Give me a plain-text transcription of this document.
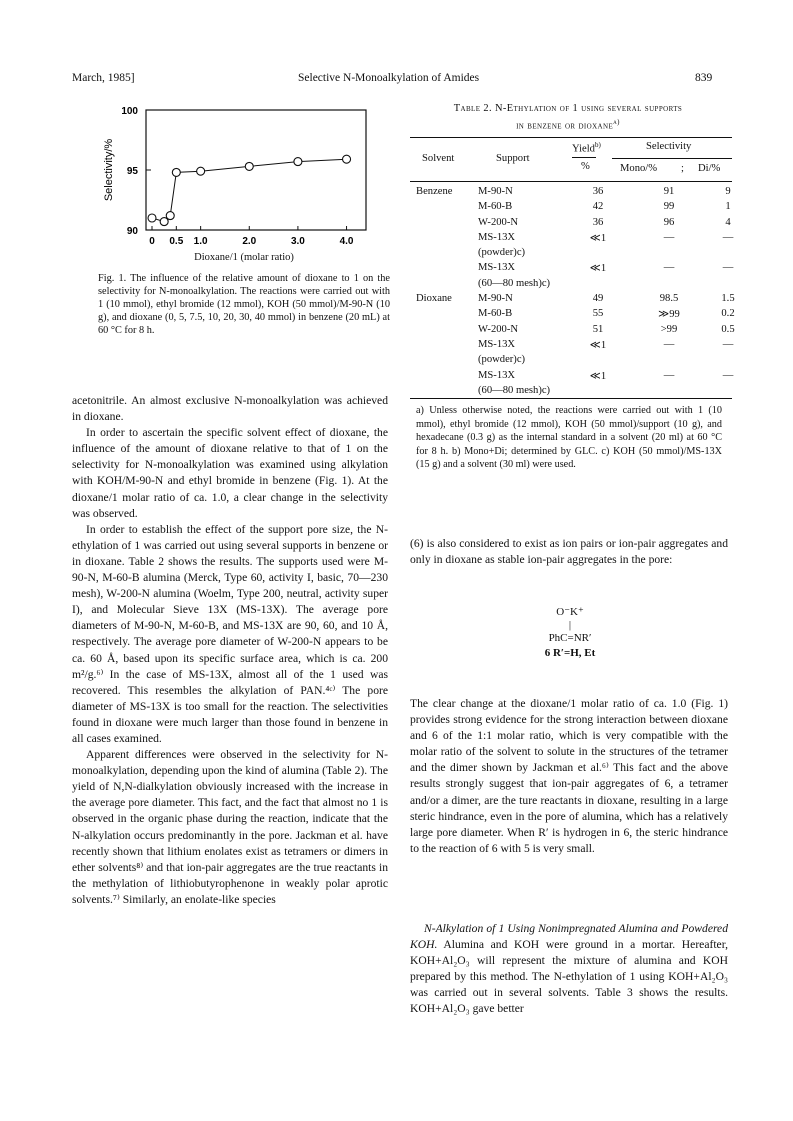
March, 1985]	Selective N-Monoalkylation of Amides	839
90
95
100
0 0.5 1.0	2.0	3.0	4.0
Selectivity/%
Dioxane/1 (molar ratio)
Fig. 1. The influence of the relative amount of dioxane to 1 on the selectivity for N-monoalkylation. The reactions were carried out with 1 (10 mmol), ethyl bromide (12 mmol), KOH (50 mmol)/M-90-N (10 g), and dioxane (0, 5, 7.5, 10, 20, 30, 40 mmol) in benzene (20 mL) at 60 °C for 8 h.

acetonitrile. An almost exclusive N-monoalkylation was achieved in dioxane.

In order to ascertain the specific solvent effect of dioxane, the influence of the amount of dioxane relative to that of 1 on the selectivity for N-monoalkylation was examined using alkylation with KOH/M-90-N and ethyl bromide in benzene (Fig. 1). At the dioxane/1 molar ratio of ca. 1.0, a clear change in the selectivity was observed.

In order to establish the effect of the support pore size, the N-ethylation of 1 was carried out using several supports in benzene or in dioxane. Table 2 shows the results. The supports used were M-90-N, M-60-B alumina (Merck, Type 60, activity I, basic, 70—230 mesh), W-200-N alumina (Woelm, Type 200, neutral, activity super I), and Molecular Sieve 13X (MS-13X). The average pore diameters of M-90-N, M-60-B, and MS-13X are 90, 60, and 10 Å, respectively. The average pore diameter of W-200-N appears to be ca. 60 Å, based upon its specific surface area, which is ca. 200 m²/g.⁶⁾ In the case of MS-13X, almost all of the 1 used was recovered. This resembles the alkylation of PAN.⁴ᶜ⁾ The pore diameter of MS-13X is too small for the reaction. The selectivities found in dioxane were much larger than those found in benzene in all cases examined.

Apparent differences were observed in the selectivity for N-monoalkylation, depending upon the kind of alumina (Table 2). The yield of N,N-dialkylation obviously increased with the increase in the average pore diameter. This fact, and the fact that almost no 1 is observed in the organic phase during the reaction, indicate that the N-alkylation occurs predominantly in the pore. Jackman et al. have recently shown that lithium enolates exist as tetramers or dimers in ether solvents⁸⁾ and that ion-pair aggregates are the true reactants in the methylation of lithiobutyrophenone in weakly polar aprotic solvents.⁷⁾ Similarly, an enolate-like species

Table 2. N-Ethylation of 1 using several supports
in benzene or dioxane$^{a)}$
Solvent	Support
Yield$^{b)}$
%
Selectivity
Mono/% ; Di/%
Benzene	M-90-N	36	91	9
	M-60-B	42	99	1
	W-200-N	36	96	4
	MS-13X	≪1	—	—
	(powder)c)			
	MS-13X	≪1	—	—
	(60—80 mesh)c)			
Dioxane	M-90-N	49	98.5	1.5
	M-60-B	55	≫99	0.2
	W-200-N	51	>99	0.5
	MS-13X	≪1	—	—
	(powder)c)			
	MS-13X	≪1	—	—
	(60—80 mesh)c)			
a) Unless otherwise noted, the reactions were carried out with 1 (10 mmol), ethyl bromide (12 mmol), KOH (50 mmol)/support (10 g), and hexadecane (0.3 g) as the internal standard in a solvent (20 ml) at 60 °C for 8 h. b) Mono+Di; determined by GLC. c) KOH (50 mmol)/MS-13X (15 g) and a solvent (30 ml) were used.
(6) is also considered to exist as ion pairs or ion-pair aggregates and only in dioxane as stable ion-pair aggregates in the pore:
O⁻K⁺
|
PhC=NR′
6 R′=H, Et
The clear change at the dioxane/1 molar ratio of ca. 1.0 (Fig. 1) provides strong evidence for the strong interaction between dioxane and 6 of the 1:1 molar ratio, which is very compatible with the molar ratio of the solvent to solute in the structures of the tetramer and the dimer shown by Jackman et al.⁶⁾ This fact and the above results strongly suggest that ion-pair aggregates of 6, a tetramer and/or a dimer, are the ture reactants in dioxane, resulting in a large steric hindrance, even in the pore of alumina, which has a relatively large pore diameter. When R′ is hydrogen in 6, the steric hindrance to the reaction of 6 with 5 is very small.
N-Alkylation of 1 Using Nonimpregnated Alumina and Powdered KOH. Alumina and KOH were ground in a mortar. Hereafter, KOH+Al₂O₃ will represent the mixture of alumina and KOH prepared by this method. The N-ethylation of 1 using KOH+Al₂O₃ was carried out in several solvents. Table 3 shows the results. KOH+Al₂O₃ gave better
